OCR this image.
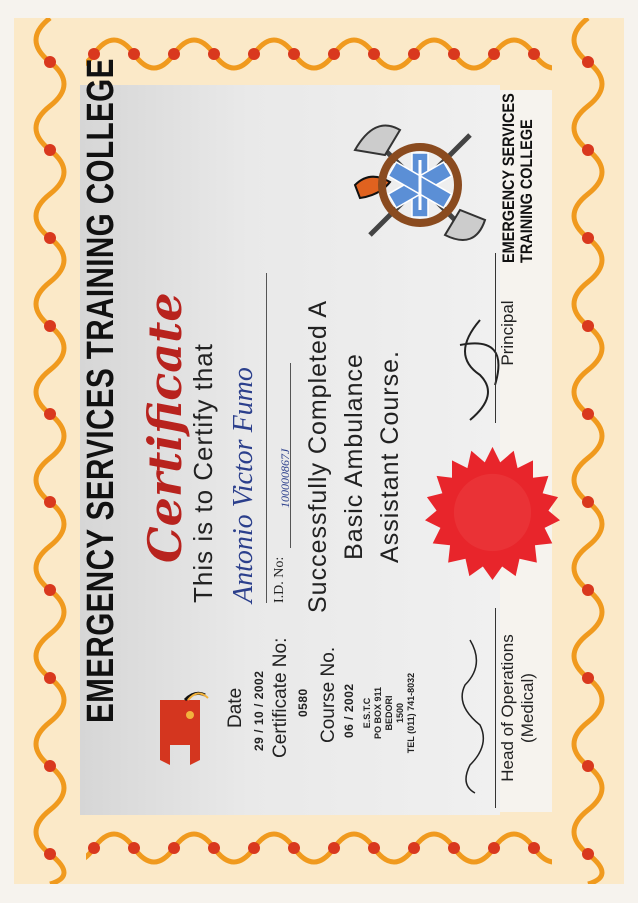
EMERGENCY SERVICES TRAINING COLLEGE Certificate
This is to Certify that Antonio Victor Fumo I.D. No:
100000867J Successfully Completed A Basic Ambulance Assistant Course.
Date 29 / 10 / 2002 Certificate No: 0580 Course No. 06 / 2002 E.S.T.C PO BOX 911 BEDORI 1500 TEL (011) 741-8032	Head of Operations (Medical)
Principal
EMERGENCY SERVICES TRAINING COLLEGE
